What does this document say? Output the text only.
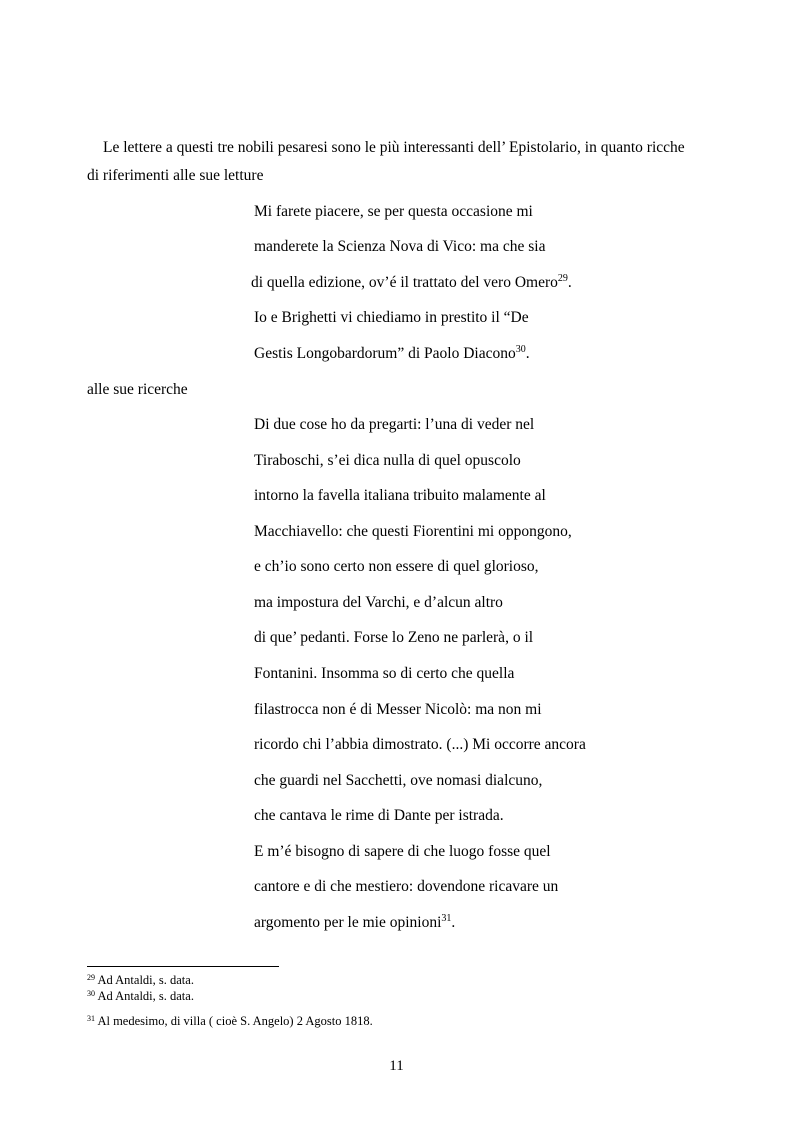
Le lettere a questi tre nobili pesaresi sono le più interessanti dell’ Epistolario, in quanto ricche
di riferimenti alle sue letture
Mi farete piacere, se per questa occasione mi
manderete la Scienza Nova di Vico: ma che sia
di quella edizione, ov’é il trattato del vero Omero$^{29}$.
Io e Brighetti vi chiediamo in prestito il “De
Gestis Longobardorum” di Paolo Diacono$^{30}$.
alle sue ricerche
Di due cose ho da pregarti: l’una di veder nel
Tiraboschi, s’ei dica nulla di quel opuscolo
intorno la favella italiana tribuito malamente al
Macchiavello: che questi Fiorentini mi oppongono,
e ch’io sono certo non essere di quel glorioso,
ma impostura del Varchi, e d’alcun altro
di que’ pedanti. Forse lo Zeno ne parlerà, o il
Fontanini. Insomma so di certo che quella
filastrocca non é di Messer Nicolò: ma non mi
ricordo chi l’abbia dimostrato. (...) Mi occorre ancora
che guardi nel Sacchetti, ove nomasi dialcuno,
che cantava le rime di Dante per istrada.
E m’é bisogno di sapere di che luogo fosse quel
cantore e di che mestiero: dovendone ricavare un
argomento per le mie opinioni$^{31}$.
$^{29}$ Ad Antaldi, s. data.
$^{30}$ Ad Antaldi, s. data.
$^{31}$ Al medesimo, di villa ( cioè S. Angelo) 2 Agosto 1818.
11
